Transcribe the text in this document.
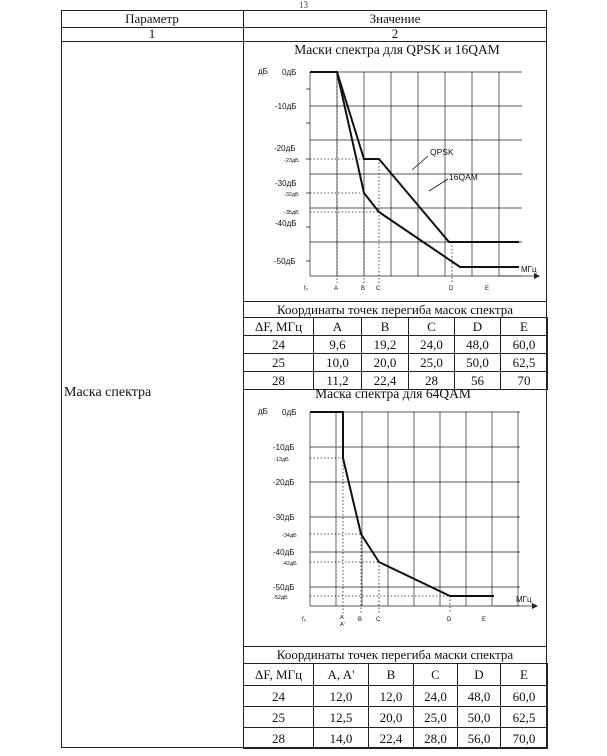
13
Параметр	Значение
1	2
Маска спектра
Маски спектра для QPSK и 16QAM
дБ 0дБ
-10дБ
-20дБ
-23дБ
-30дБ
-32дБ
-35дБ
-40дБ
-50дБ
МГц
f₀	A	B C	D	E
QPSK
16QAM
Координаты точек перегиба масок спектра
ΔF, МГц	A	B	C	D	E
24	9,6	19,2	24,0	48,0	60,0
25	10,0	20,0	25,0	50,0	62,5
28	11,2	22,4	28	56	70
Маска спектра для 64QAM
дБ 0дБ
-10дБ
-13дБ
-20дБ
-30дБ
-34дБ
-40дБ
-42дБ
-50дБ
-52дБ	МГц
f₀	A
A'
B C	D	E
Координаты точек перегиба маски спектра
ΔF, МГц	A, A'	B	C	D	E
24	12,0	12,0	24,0	48,0	60,0
25	12,5	20,0	25,0	50,0	62,5
28	14,0	22,4	28,0	56,0	70,0
